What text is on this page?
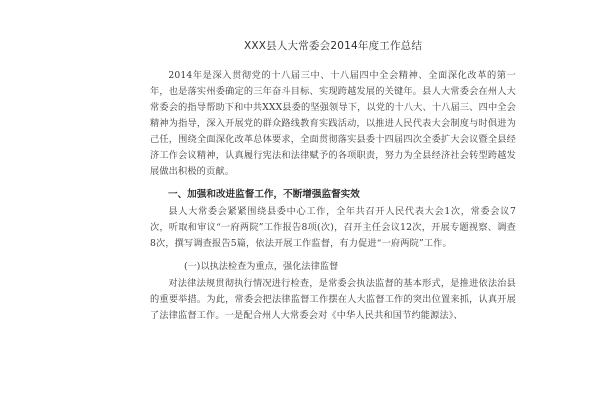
XXX县人大常委会2014年度工作总结

2014年是深入贯彻党的十八届三中、十八届四中全会精神、全面深化改革的第一年，也是落实州委确定的三年奋斗目标、实现跨越发展的关键年。县人大常委会在州人大常委会的指导帮助下和中共XXX县委的坚强领导下，以党的十八大、十八届三、四中全会精神为指导，深入开展党的群众路线教育实践活动，以推进人民代表大会制度与时俱进为己任，围绕全面深化改革总体要求，全面贯彻落实县委十四届四次全委扩大会议暨全县经济工作会议精神，认真履行宪法和法律赋予的各项职责，努力为全县经济社会转型跨越发展做出积极的贡献。

一、加强和改进监督工作，不断增强监督实效

县人大常委会紧紧围绕县委中心工作，全年共召开人民代表大会1次，常委会议7次，听取和审议“一府两院”工作报告8项(次)，召开主任会议12次，开展专题视察、调查8次，撰写调查报告5篇，依法开展工作监督，有力促进“一府两院”工作。

(一)以执法检查为重点，强化法律监督

对法律法规贯彻执行情况进行检查，是常委会执法监督的基本形式，是推进依法治县的重要举措。为此，常委会把法律监督工作摆在人大监督工作的突出位置来抓，认真开展了法律监督工作。一是配合州人大常委会对《中华人民共和国节约能源法》、
